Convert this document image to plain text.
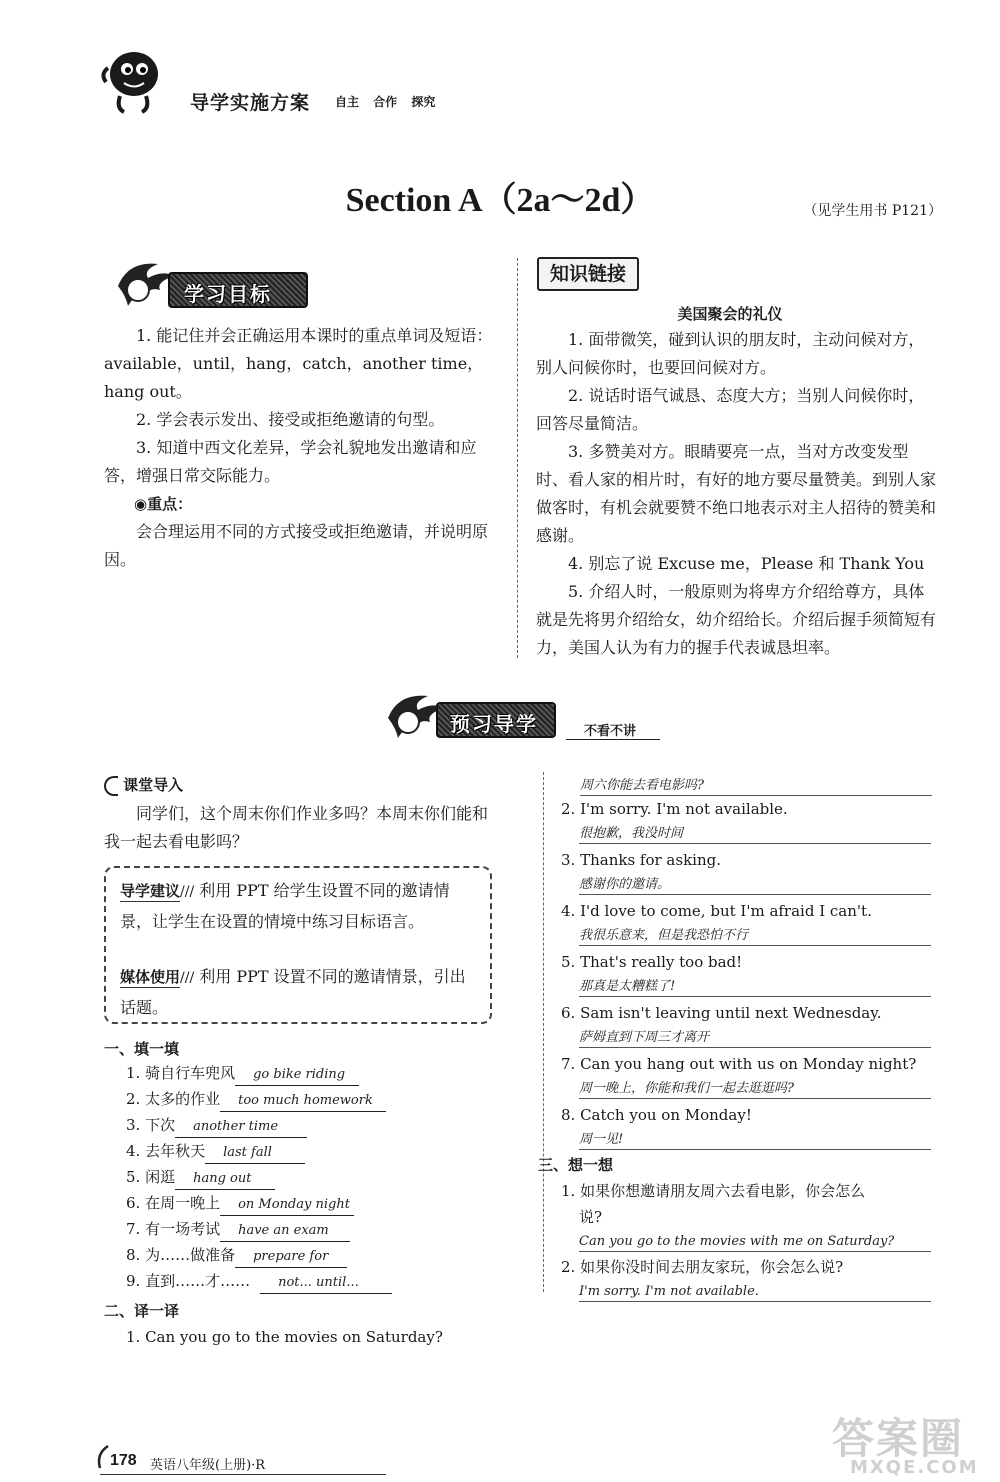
导学实施方案 自主 合作 探究
Section A（2a～2d）	（见学生用书 P121）
学习目标

1. 能记住并会正确运用本课时的重点单词及短语：available，until，hang，catch，another time，hang out。

2. 学会表示发出、接受或拒绝邀请的句型。

3. 知道中西文化差异，学会礼貌地发出邀请和应答，增强日常交际能力。

◉重点：

会合理运用不同的方式接受或拒绝邀请，并说明原因。

知识链接
美国聚会的礼仪

1. 面带微笑，碰到认识的朋友时，主动问候对方，别人问候你时，也要回问候对方。

2. 说话时语气诚恳、态度大方；当别人问候你时，回答尽量简洁。

3. 多赞美对方。眼睛要亮一点，当对方改变发型时、看人家的相片时，有好的地方要尽量赞美。到别人家做客时，有机会就要赞不绝口地表示对主人招待的赞美和感谢。

4. 别忘了说 Excuse me，Please 和 Thank You

5. 介绍人时，一般原则为将卑方介绍给尊方，具体就是先将男介绍给女，幼介绍给长。介绍后握手须简短有力，美国人认为有力的握手代表诚恳坦率。

预习导学	不看不讲
课堂导入

同学们，这个周末你们作业多吗？本周末你们能和我一起去看电影吗？

导学建议/// 利用 PPT 给学生设置不同的邀请情景，让学生在设置的情境中练习目标语言。
媒体使用/// 利用 PPT 设置不同的邀请情景，引出话题。
一、填一填
1. 骑自行车兜风 go bike riding
2. 太多的作业 too much homework
3. 下次 another time
4. 去年秋天 last fall
5. 闲逛 hang out
6. 在周一晚上 on Monday night
7. 有一场考试 have an exam
8. 为……做准备 prepare for
9. 直到……才…… not... until...
二、译一译
1. Can you go to the movies on Saturday?
周六你能去看电影吗?
2. I'm sorry. I'm not available.
很抱歉，我没时间
3. Thanks for asking.
感谢你的邀请。
4. I'd love to come, but I'm afraid I can't.
我很乐意来，但是我恐怕不行
5. That's really too bad!
那真是太糟糕了!
6. Sam isn't leaving until next Wednesday.
萨姆直到下周三才离开
7. Can you hang out with us on Monday night?
周一晚上，你能和我们一起去逛逛吗?
8. Catch you on Monday!
周一见!
三、想一想
1. 如果你想邀请朋友周六去看电影，你会怎么
说?
Can you go to the movies with me on Saturday?
2. 如果你没时间去朋友家玩，你会怎么说?
I'm sorry. I'm not available.
178 英语八年级(上册)·R
答案圈
MXQE.COM
